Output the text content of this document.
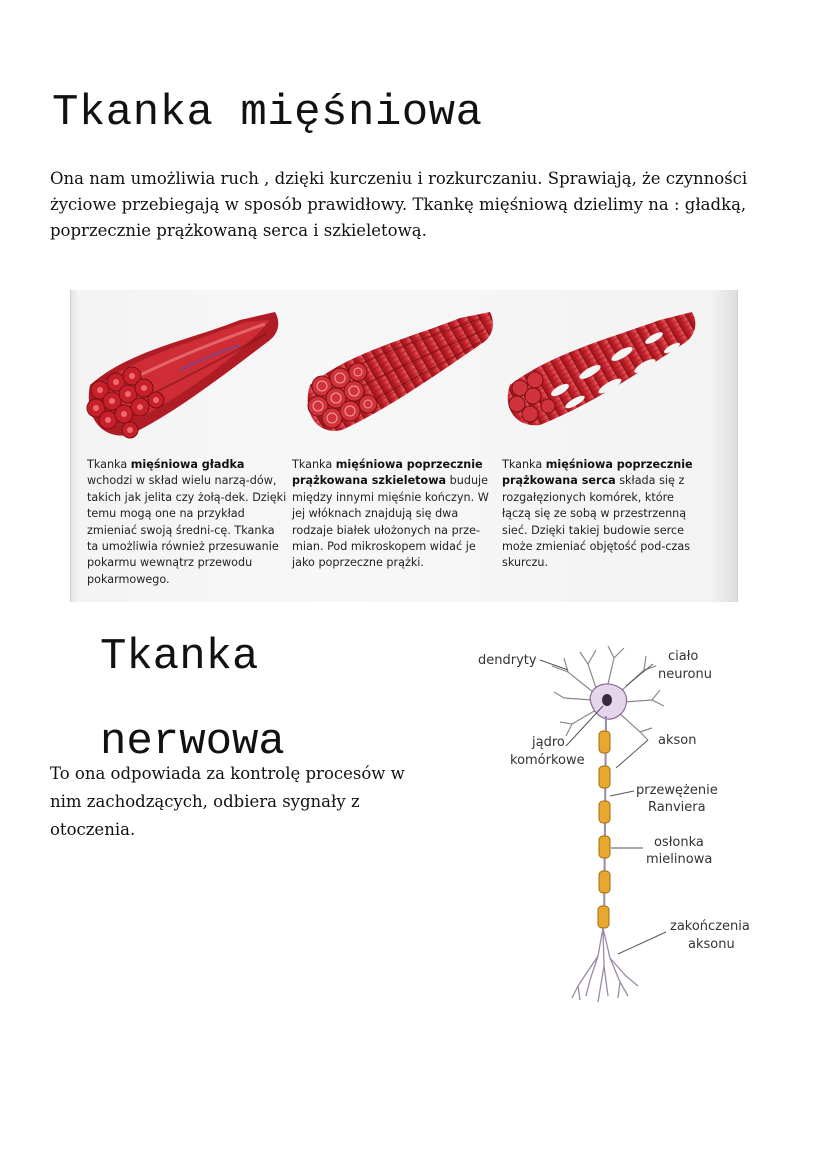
Tkanka mięśniowa

Ona nam umożliwia ruch , dzięki kurczeniu i rozkurczaniu. Sprawiają, że czynności życiowe przebiegają w sposób prawidłowy. Tkankę mięśniową dzielimy na : gładką, poprzecznie prążkowaną serca i szkieletową.

Tkanka mięśniowa gładka wchodzi w skład wielu narzą-dów, takich jak jelita czy żołą-dek. Dzięki temu mogą one na przykład zmieniać swoją średni-cę. Tkanka ta umożliwia również przesuwanie pokarmu wewnątrz przewodu pokarmowego.

Tkanka mięśniowa poprzecznie prążkowana szkieletowa buduje między innymi mięśnie kończyn. W jej włóknach znajdują się dwa rodzaje białek ułożonych na prze-mian. Pod mikroskopem widać je jako poprzeczne prążki.

Tkanka mięśniowa poprzecznie prążkowana serca składa się z rozgałęzionych komórek, które łączą się ze sobą w przestrzenną sieć. Dzięki takiej budowie serce może zmieniać objętość pod-czas skurczu.

Tkanka
nerwowa

To ona odpowiada za kontrolę procesów w nim zachodzących, odbiera sygnały z otoczenia.

dendryty	ciało
neuronu
jądro
komórkowe
akson
przewężenie
Ranviera
osłonka
mielinowa
zakończenia
aksonu
